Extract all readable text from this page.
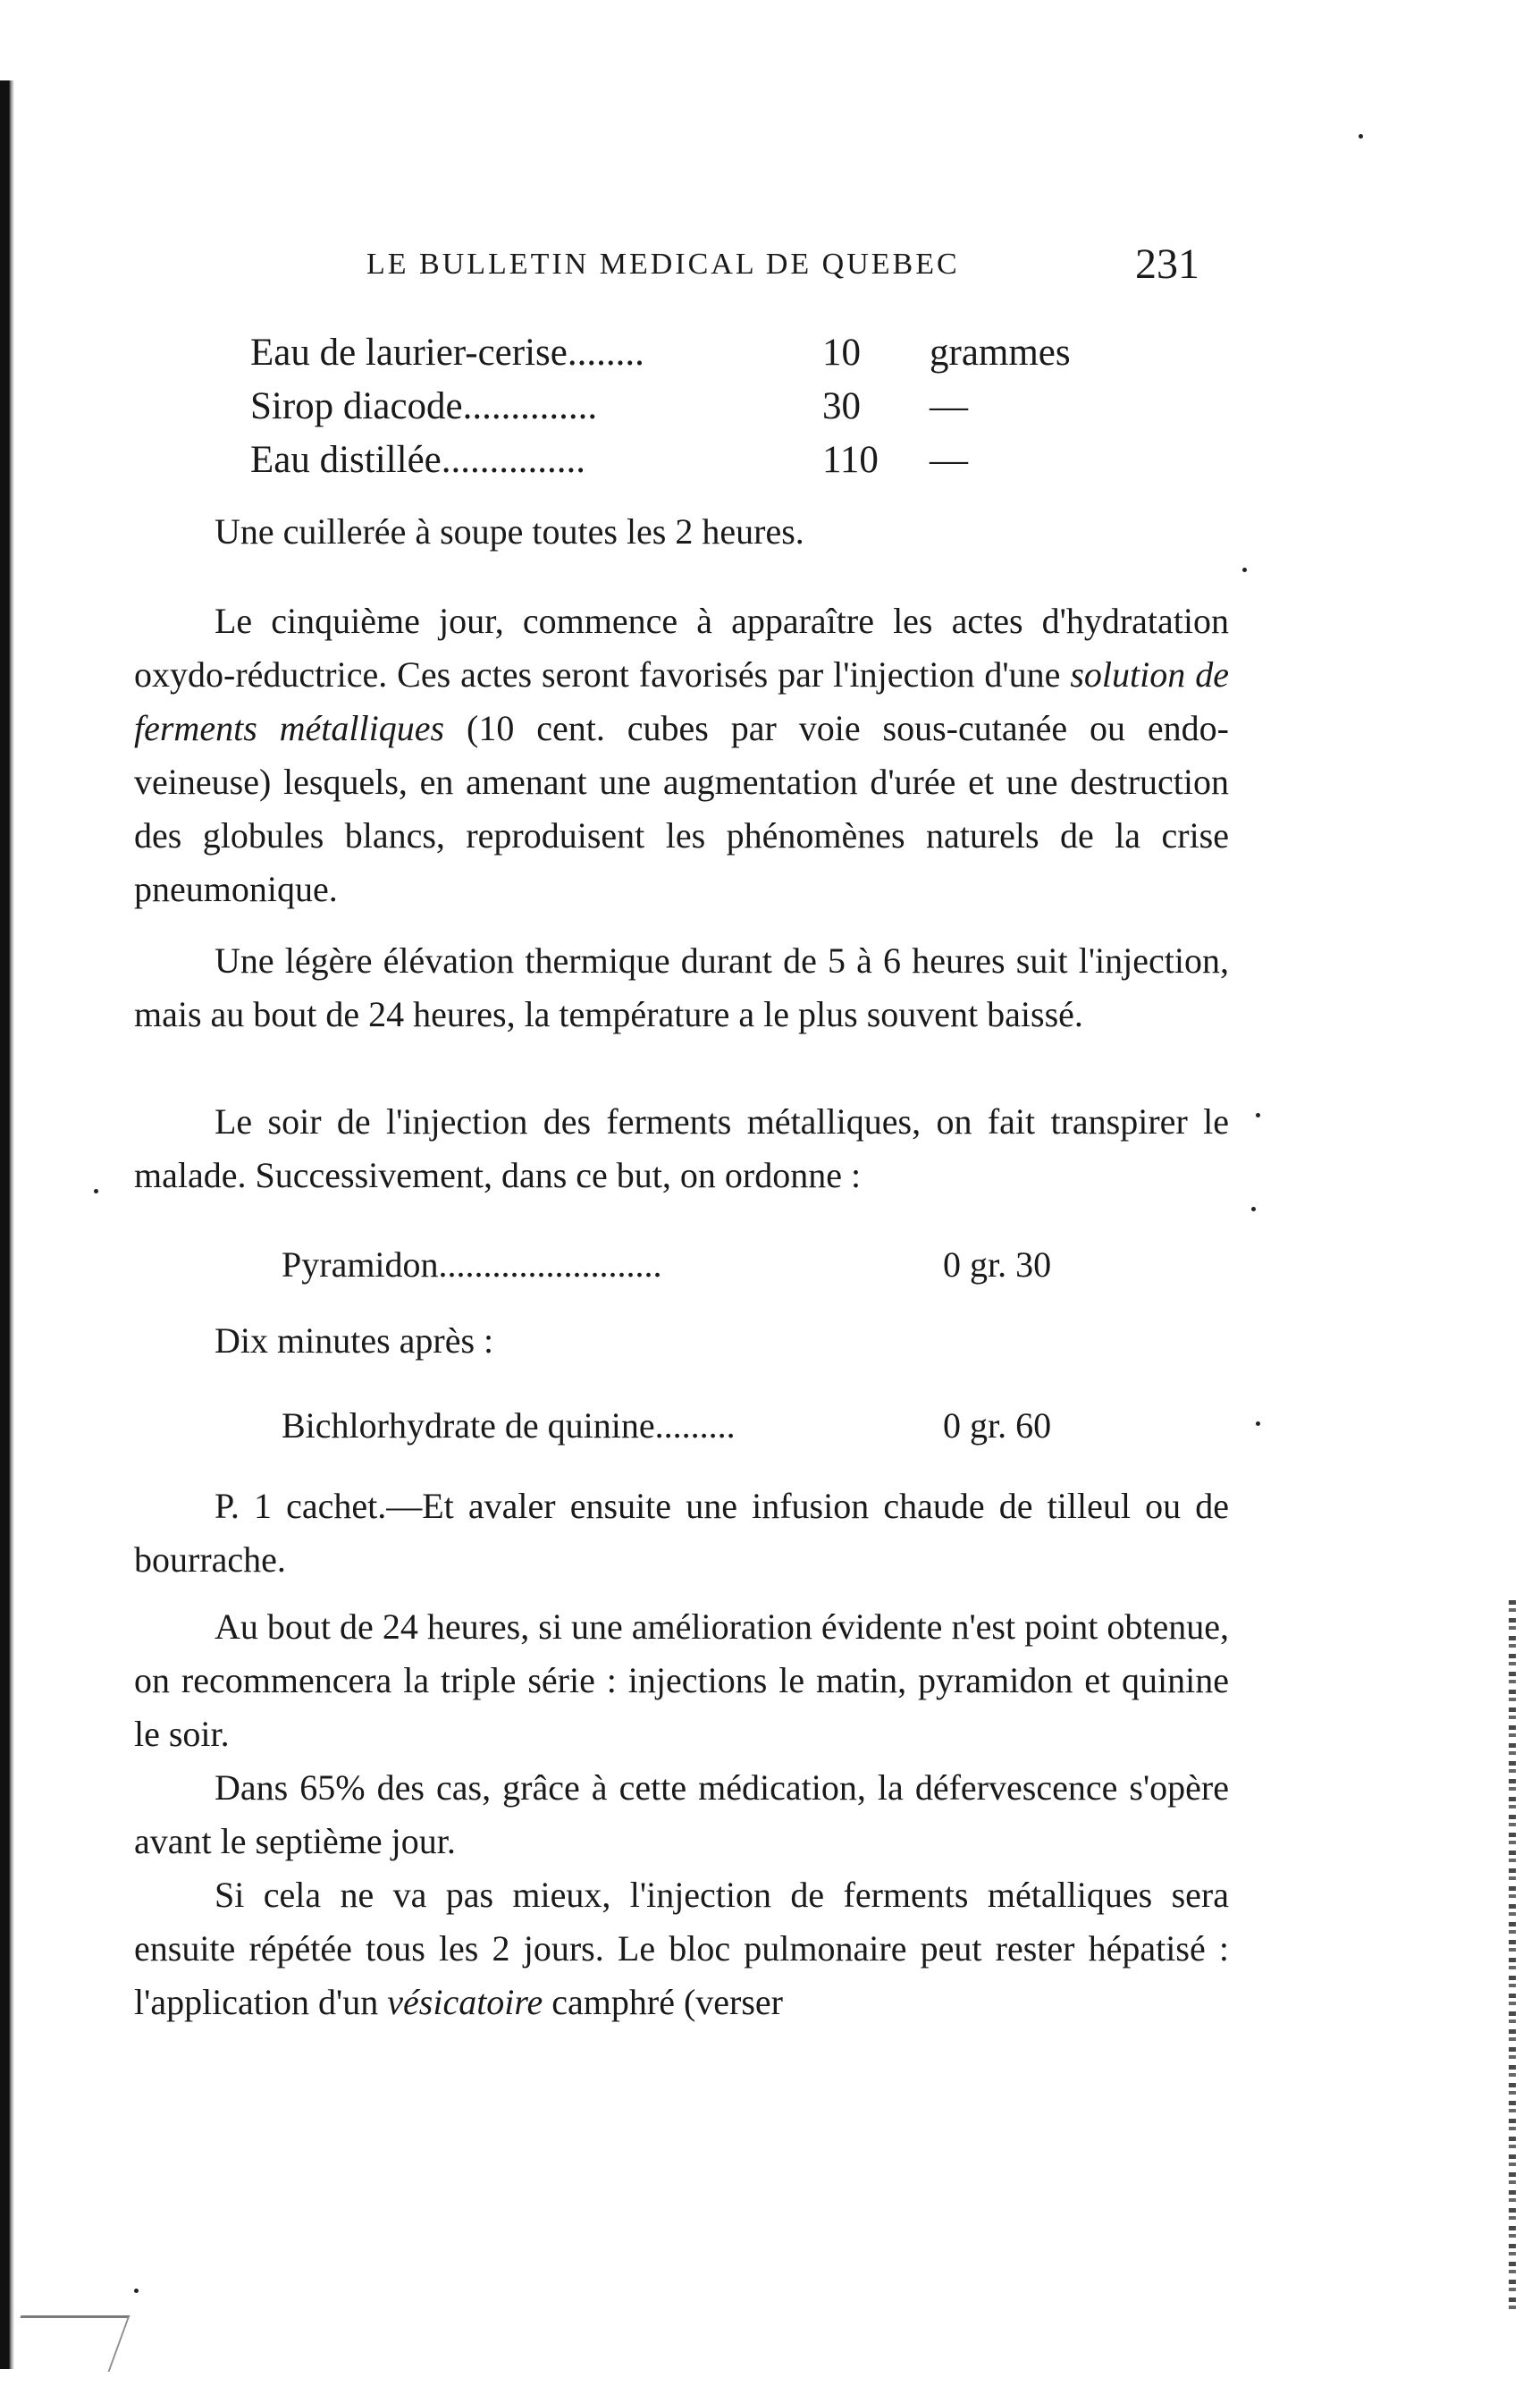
LE BULLETIN MEDICAL DE QUEBEC	231
Eau de laurier-cerise........	10 grammes
Sirop diacode..............	30 —
Eau distillée...............	110 —
Une cuillerée à soupe toutes les 2 heures.
Le cinquième jour, commence à apparaître les actes d'hydratation oxydo-réductrice. Ces actes seront favorisés par l'injection d'une solution de ferments métalliques (10 cent. cubes par voie sous-cutanée ou endo-veineuse) lesquels, en amenant une augmentation d'urée et une destruction des globules blancs, reproduisent les phénomènes naturels de la crise pneumonique.
Une légère élévation thermique durant de 5 à 6 heures suit l'injection, mais au bout de 24 heures, la température a le plus souvent baissé.
Le soir de l'injection des ferments métalliques, on fait transpirer le malade. Successivement, dans ce but, on ordonne :
Pyramidon.........................	0 gr. 30
Dix minutes après :
Bichlorhydrate de quinine.........	0 gr. 60
P. 1 cachet.—Et avaler ensuite une infusion chaude de tilleul ou de bourrache.
Au bout de 24 heures, si une amélioration évidente n'est point obtenue, on recommencera la triple série : injections le matin, pyramidon et quinine le soir.
Dans 65% des cas, grâce à cette médication, la défervescence s'opère avant le septième jour.
Si cela ne va pas mieux, l'injection de ferments métalliques sera ensuite répétée tous les 2 jours. Le bloc pulmonaire peut rester hépatisé : l'application d'un vésicatoire camphré (verser
